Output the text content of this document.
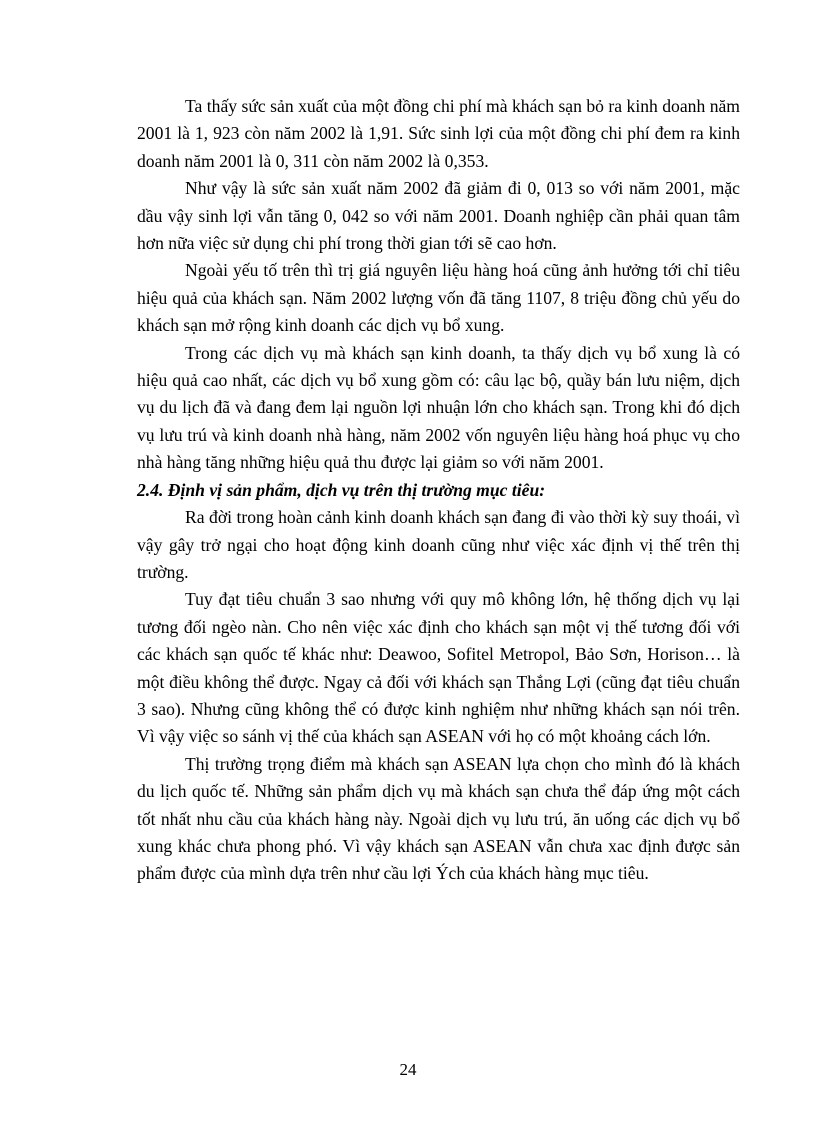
Ta thấy sức sản xuất của một đồng chi phí mà khách sạn bỏ ra kinh doanh năm 2001 là 1, 923 còn năm 2002 là 1,91. Sức sinh lợi của một đồng chi phí đem ra kinh doanh năm 2001 là 0, 311 còn năm 2002 là 0,353.

Như vậy là sức sản xuất năm 2002 đã giảm đi 0, 013 so với năm 2001, mặc dầu vậy sinh lợi vẫn tăng 0, 042 so với năm 2001. Doanh nghiệp cần phải quan tâm hơn nữa việc sử dụng chi phí trong thời gian tới sẽ cao hơn.

Ngoài yếu tố trên thì trị giá nguyên liệu hàng hoá cũng ảnh hưởng tới chỉ tiêu hiệu quả của khách sạn. Năm 2002 lượng vốn đã tăng 1107, 8 triệu đồng chủ yếu do khách sạn mở rộng kinh doanh các dịch vụ bổ xung.

Trong các dịch vụ mà khách sạn kinh doanh, ta thấy dịch vụ bổ xung là có hiệu quả cao nhất, các dịch vụ bổ xung gồm có: câu lạc bộ, quầy bán lưu niệm, dịch vụ du lịch đã và đang đem lại nguồn lợi nhuận lớn cho khách sạn. Trong khi đó dịch vụ lưu trú và kinh doanh nhà hàng, năm 2002 vốn nguyên liệu hàng hoá phục vụ cho nhà hàng tăng những hiệu quả thu được lại giảm so với năm 2001.

2.4. Định vị sản phẩm, dịch vụ trên thị trường mục tiêu:

Ra đời trong hoàn cảnh kinh doanh khách sạn đang đi vào thời kỳ suy thoái, vì vậy gây trở ngại cho hoạt động kinh doanh cũng như việc xác định vị thế trên thị trường.

Tuy đạt tiêu chuẩn 3 sao nhưng với quy mô không lớn, hệ thống dịch vụ lại tương đối ngèo nàn. Cho nên việc xác định cho khách sạn một vị thế tương đối với các khách sạn quốc tế khác như: Deawoo, Sofitel Metropol, Bảo Sơn, Horison… là một điều không thể được. Ngay cả đối với khách sạn Thắng Lợi (cũng đạt tiêu chuẩn 3 sao). Nhưng cũng không thể có được kinh nghiệm như những khách sạn nói trên. Vì vậy việc so sánh vị thế của khách sạn ASEAN với họ có một khoảng cách lớn.

Thị trường trọng điểm mà khách sạn ASEAN lựa chọn cho mình đó là khách du lịch quốc tế. Những sản phẩm dịch vụ mà khách sạn chưa thể đáp ứng một cách tốt nhất nhu cầu của khách hàng này. Ngoài dịch vụ lưu trú, ăn uống các dịch vụ bổ xung khác chưa phong phó. Vì vậy khách sạn ASEAN vẫn chưa xac định được sản phẩm được của mình dựa trên như cầu lợi Ých của khách hàng mục tiêu.

24
